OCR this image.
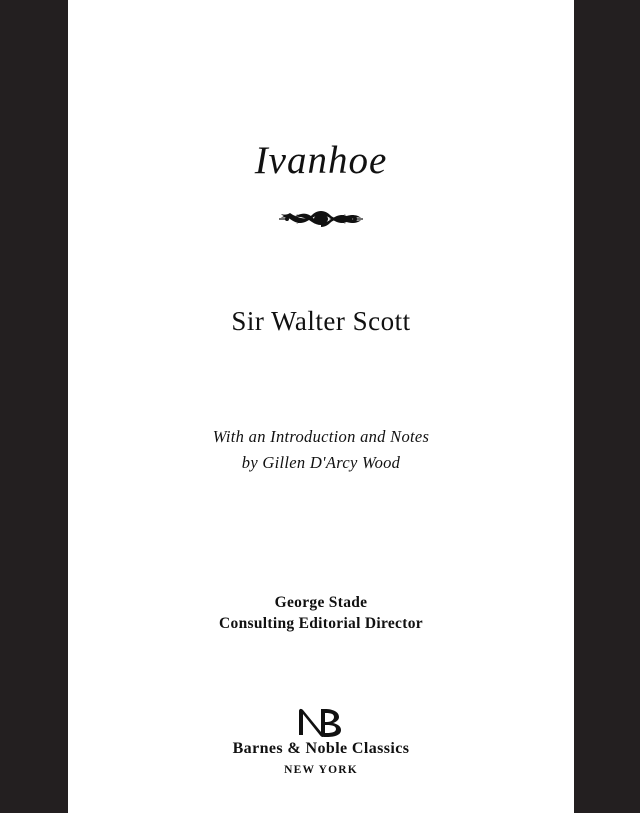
Ivanhoe
Sir Walter Scott
With an Introduction and Notes
by Gillen D'Arcy Wood
George Stade
Consulting Editorial Director
Barnes & Noble Classics
NEW YORK
